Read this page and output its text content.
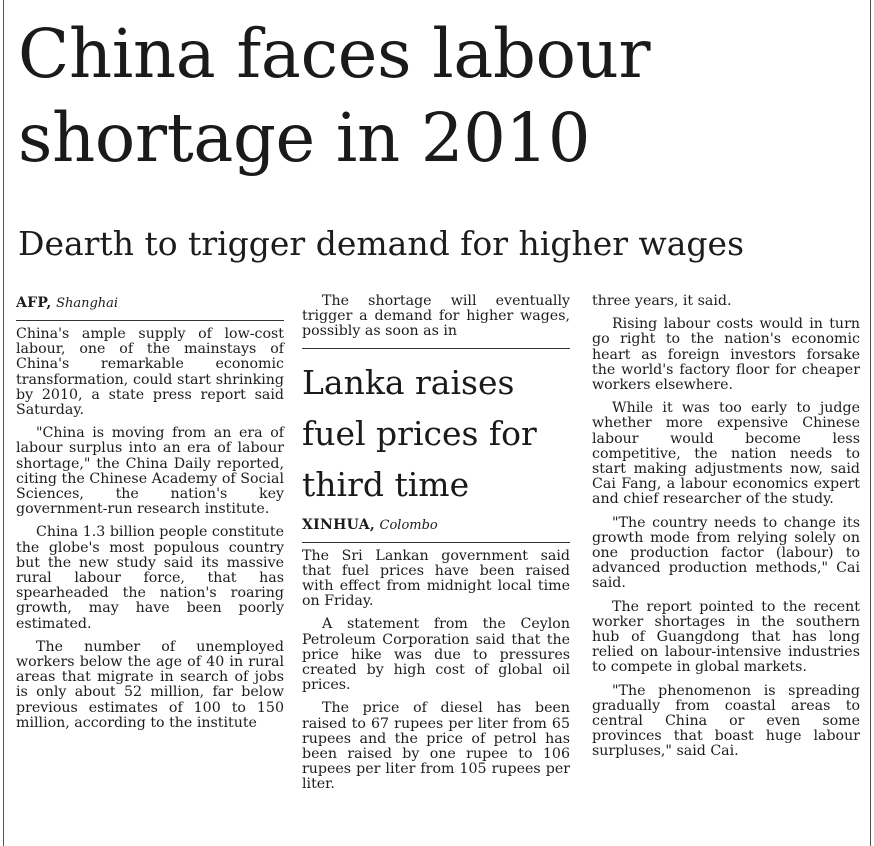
China faces labour shortage in 2010
Dearth to trigger demand for higher wages
AFP, Shanghai

China's ample supply of low-cost labour, one of the mainstays of China's remarkable economic transformation, could start shrinking by 2010, a state press report said Saturday.

"China is moving from an era of labour surplus into an era of labour shortage," the China Daily reported, citing the Chinese Academy of Social Sciences, the nation's key government-run research institute.

China 1.3 billion people constitute the globe's most populous country but the new study said its massive rural labour force, that has spearheaded the nation's roaring growth, may have been poorly estimated.

The number of unemployed workers below the age of 40 in rural areas that migrate in search of jobs is only about 52 million, far below previous estimates of 100 to 150 million, according to the institute

The shortage will eventually trigger a demand for higher wages, possibly as soon as in

Lanka raises fuel prices for third time
XINHUA, Colombo

The Sri Lankan government said that fuel prices have been raised with effect from midnight local time on Friday.

A statement from the Ceylon Petroleum Corporation said that the price hike was due to pressures created by high cost of global oil prices.

The price of diesel has been raised to 67 rupees per liter from 65 rupees and the price of petrol has been raised by one rupee to 106 rupees per liter from 105 rupees per liter.

three years, it said.

Rising labour costs would in turn go right to the nation's economic heart as foreign investors forsake the world's factory floor for cheaper workers elsewhere.

While it was too early to judge whether more expensive Chinese labour would become less competitive, the nation needs to start making adjustments now, said Cai Fang, a labour economics expert and chief researcher of the study.

"The country needs to change its growth mode from relying solely on one production factor (labour) to advanced production methods," Cai said.

The report pointed to the recent worker shortages in the southern hub of Guangdong that has long relied on labour-intensive industries to compete in global markets.

"The phenomenon is spreading gradually from coastal areas to central China or even some provinces that boast huge labour surpluses," said Cai.
